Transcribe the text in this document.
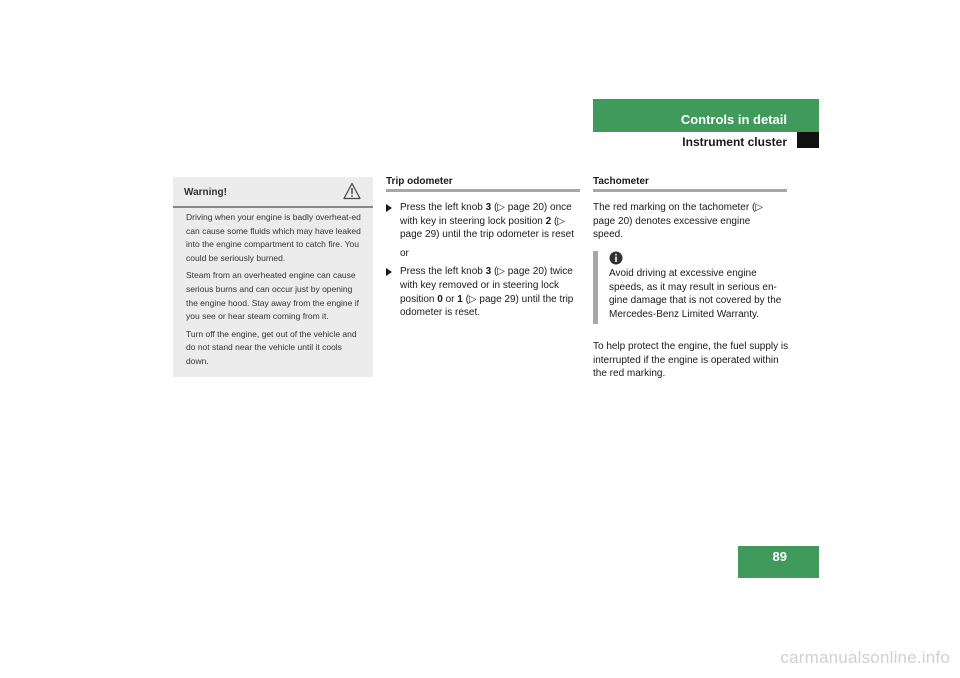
Controls in detail
Instrument cluster
Warning!

Driving when your engine is badly overheat-ed can cause some fluids which may have leaked into the engine compartment to catch fire. You could be seriously burned.

Steam from an overheated engine can cause serious burns and can occur just by opening the engine hood. Stay away from the engine if you see or hear steam coming from it.

Turn off the engine, get out of the vehicle and do not stand near the vehicle until it cools down.

Trip odometer

Press the left knob 3 (▷ page 20) once with key in steering lock position 2 (▷ page 29) until the trip odometer is reset

or

Press the left knob 3 (▷ page 20) twice with key removed or in steering lock position 0 or 1 (▷ page 29) until the trip odometer is reset.

Tachometer

The red marking on the tachometer (▷ page 20) denotes excessive engine speed.

Avoid driving at excessive engine speeds, as it may result in serious en-gine damage that is not covered by the Mercedes-Benz Limited Warranty.

To help protect the engine, the fuel supply is interrupted if the engine is operated within the red marking.

89
carmanualsonline.info
